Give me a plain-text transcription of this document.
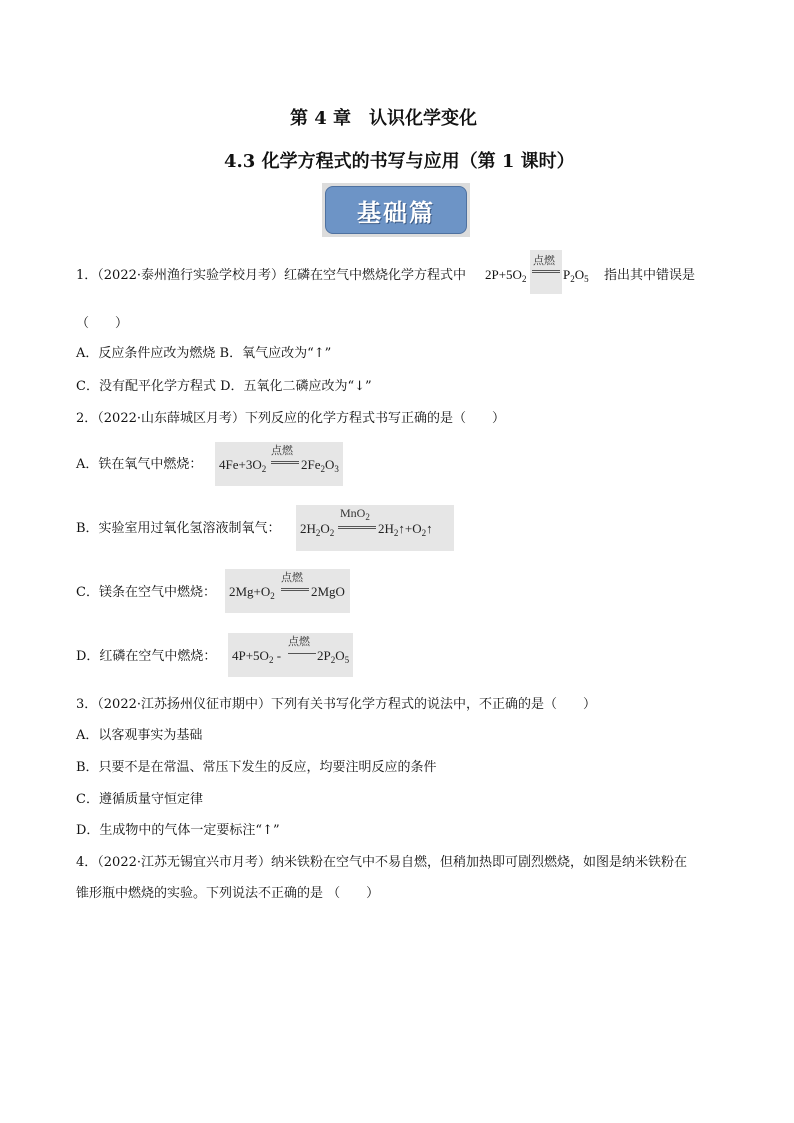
第 4 章　认识化学变化
4.3 化学方程式的书写与应用（第 1 课时）
基础篇
1．（2022·泰州渔行实验学校月考）红磷在空气中燃烧化学方程式中 $2P+5O_2$
点燃
$P_2O_5$ 指出其中错误是
（　　）
A．反应条件应改为燃烧 B．氧气应改为“↑”
C．没有配平化学方程式 D．五氧化二磷应改为“↓”
2．（2022·山东薛城区月考）下列反应的化学方程式书写正确的是（　　）
A．铁在氧气中燃烧： $4Fe+3O_2$
点燃
$2Fe_2O_3$
B．实验室用过氧化氢溶液制氧气： $2H_2O_2$
MnO$_2$
$2H_2↑+O_2↑$
C．镁条在空气中燃烧： $2Mg+O_2$
点燃
2MgO
D．红磷在空气中燃烧： $4P+5O_2$ -
点燃
$2P_2O_5$
3．（2022·江苏扬州仪征市期中）下列有关书写化学方程式的说法中，不正确的是（　　）
A．以客观事实为基础
B．只要不是在常温、常压下发生的反应，均要注明反应的条件
C．遵循质量守恒定律
D．生成物中的气体一定要标注“↑”
4．（2022·江苏无锡宜兴市月考）纳米铁粉在空气中不易自燃，但稍加热即可剧烈燃烧，如图是纳米铁粉在
锥形瓶中燃烧的实验。下列说法不正确的是 （　　）
